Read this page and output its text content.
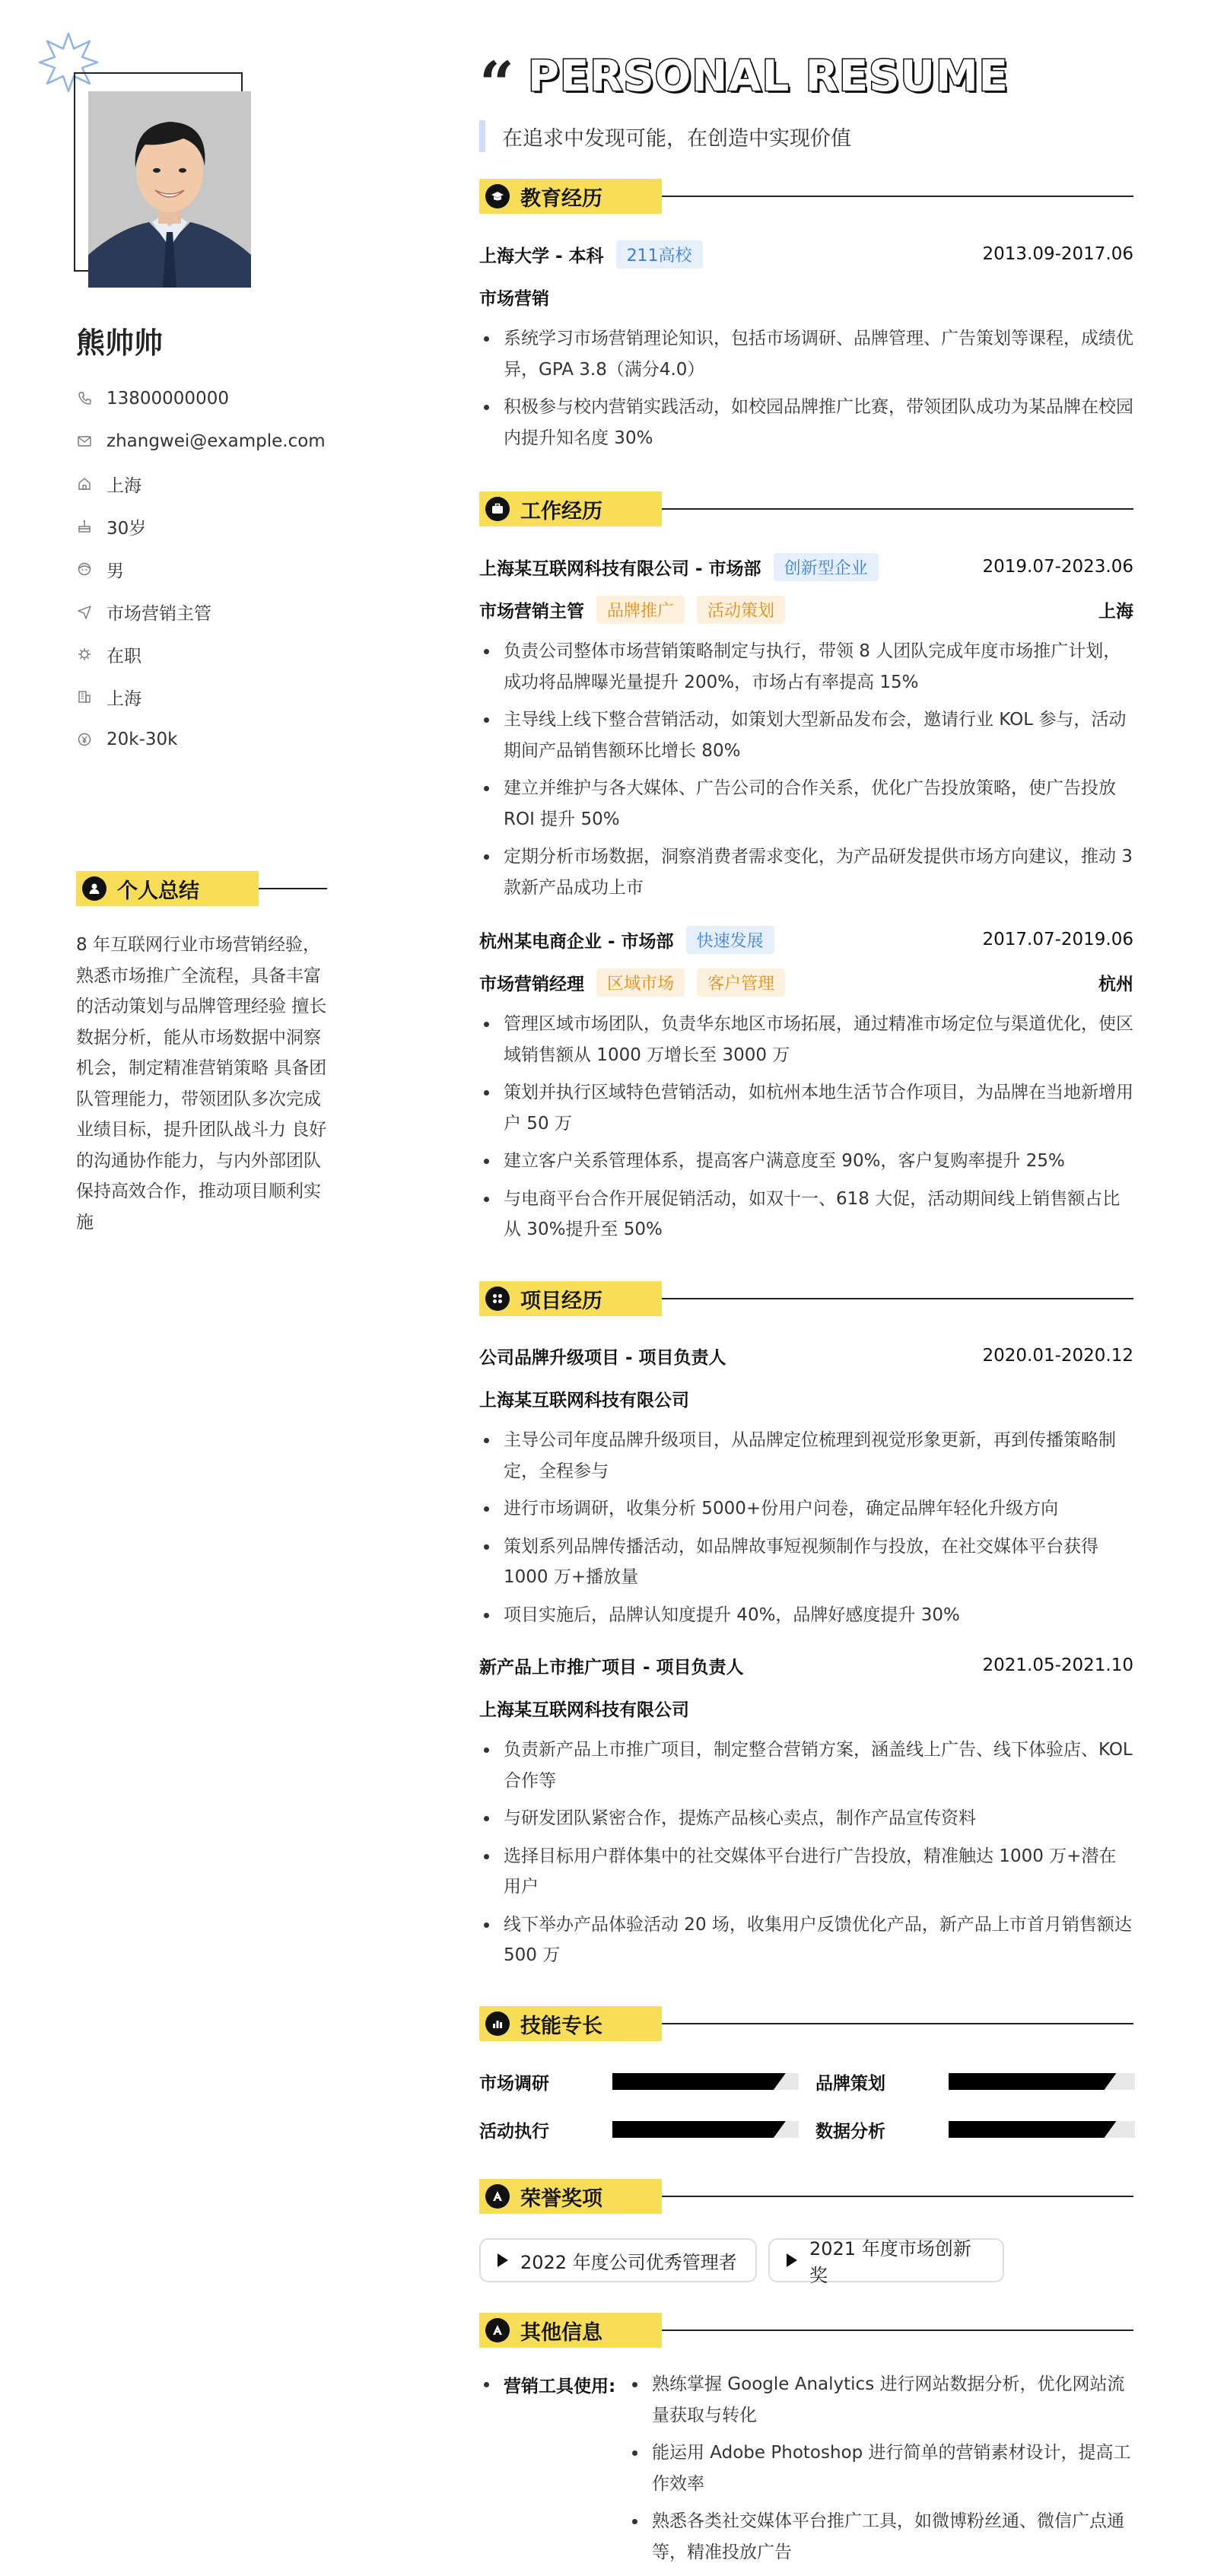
熊帅帅
13800000000
zhangwei@example.com
上海
30岁
男
市场营销主管
在职
上海
20k-30k
个人总结

8 年互联网行业市场营销经验，熟悉市场推广全流程，具备丰富的活动策划与品牌管理经验 擅长数据分析，能从市场数据中洞察机会，制定精准营销策略 具备团队管理能力，带领团队多次完成业绩目标，提升团队战斗力 良好的沟通协作能力，与内外部团队保持高效合作，推动项目顺利实施

“ PERSONAL RESUME
在追求中发现可能，在创造中实现价值
教育经历
上海大学 - 本科	211高校	2013.09-2017.06
市场营销
系统学习市场营销理论知识，包括市场调研、品牌管理、广告策划等课程，成绩优异，GPA 3.8（满分4.0）
积极参与校内营销实践活动，如校园品牌推广比赛，带领团队成功为某品牌在校园内提升知名度 30%
工作经历
上海某互联网科技有限公司 - 市场部	创新型企业	2019.07-2023.06
市场营销主管	品牌推广	活动策划	上海
负责公司整体市场营销策略制定与执行，带领 8 人团队完成年度市场推广计划，成功将品牌曝光量提升 200%，市场占有率提高 15%
主导线上线下整合营销活动，如策划大型新品发布会，邀请行业 KOL 参与，活动期间产品销售额环比增长 80%
建立并维护与各大媒体、广告公司的合作关系，优化广告投放策略，使广告投放 ROI 提升 50%
定期分析市场数据，洞察消费者需求变化，为产品研发提供市场方向建议，推动 3 款新产品成功上市
杭州某电商企业 - 市场部	快速发展	2017.07-2019.06
市场营销经理	区域市场	客户管理	杭州
管理区域市场团队，负责华东地区市场拓展，通过精准市场定位与渠道优化，使区域销售额从 1000 万增长至 3000 万
策划并执行区域特色营销活动，如杭州本地生活节合作项目，为品牌在当地新增用户 50 万
建立客户关系管理体系，提高客户满意度至 90%，客户复购率提升 25%
与电商平台合作开展促销活动，如双十一、618 大促，活动期间线上销售额占比从 30%提升至 50%
项目经历
公司品牌升级项目 - 项目负责人	2020.01-2020.12
上海某互联网科技有限公司
主导公司年度品牌升级项目，从品牌定位梳理到视觉形象更新，再到传播策略制定，全程参与
进行市场调研，收集分析 5000+份用户问卷，确定品牌年轻化升级方向
策划系列品牌传播活动，如品牌故事短视频制作与投放，在社交媒体平台获得 1000 万+播放量
项目实施后，品牌认知度提升 40%，品牌好感度提升 30%
新产品上市推广项目 - 项目负责人	2021.05-2021.10
上海某互联网科技有限公司
负责新产品上市推广项目，制定整合营销方案，涵盖线上广告、线下体验店、KOL 合作等
与研发团队紧密合作，提炼产品核心卖点，制作产品宣传资料
选择目标用户群体集中的社交媒体平台进行广告投放，精准触达 1000 万+潜在用户
线下举办产品体验活动 20 场，收集用户反馈优化产品，新产品上市首月销售额达 500 万
技能专长
市场调研	品牌策划
活动执行	数据分析
荣誉奖项
2022 年度公司优秀管理者
2021 年度市场创新奖
其他信息
营销工具使用:	熟练掌握 Google Analytics 进行网站数据分析，优化网站流量获取与转化
能运用 Adobe Photoshop 进行简单的营销素材设计，提高工作效率
熟悉各类社交媒体平台推广工具，如微博粉丝通、微信广点通等，精准投放广告
